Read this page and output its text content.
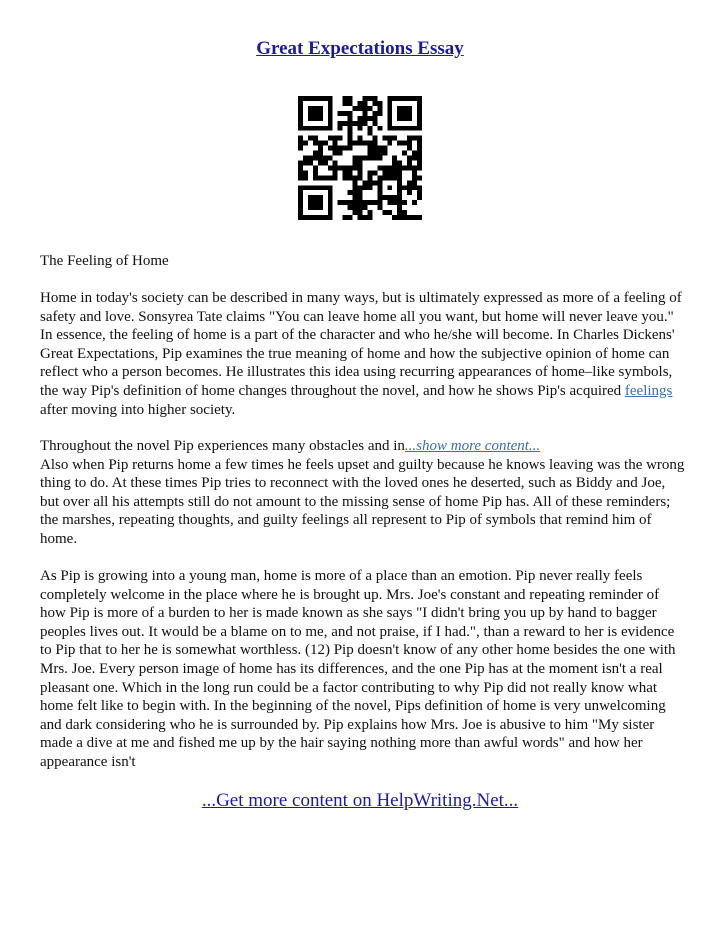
Great Expectations Essay
The Feeling of Home

Home in today's society can be described in many ways, but is ultimately expressed as more of a feeling of safety and love. Sonsyrea Tate claims "You can leave home all you want, but home will never leave you." In essence, the feeling of home is a part of the character and who he/she will become. In Charles Dickens' Great Expectations, Pip examines the true meaning of home and how the subjective opinion of home can reflect who a person becomes. He illustrates this idea using recurring appearances of home–like symbols, the way Pip's definition of home changes throughout the novel, and how he shows Pip's acquired feelings after moving into higher society.

Throughout the novel Pip experiences many obstacles and in...show more content...
Also when Pip returns home a few times he feels upset and guilty because he knows leaving was the wrong thing to do. At these times Pip tries to reconnect with the loved ones he deserted, such as Biddy and Joe, but over all his attempts still do not amount to the missing sense of home Pip has. All of these reminders; the marshes, repeating thoughts, and guilty feelings all represent to Pip of symbols that remind him of home.

As Pip is growing into a young man, home is more of a place than an emotion. Pip never really feels completely welcome in the place where he is brought up. Mrs. Joe's constant and repeating reminder of how Pip is more of a burden to her is made known as she says "I didn't bring you up by hand to bagger peoples lives out. It would be a blame on to me, and not praise, if I had.", than a reward to her is evidence to Pip that to her he is somewhat worthless. (12) Pip doesn't know of any other home besides the one with Mrs. Joe. Every person image of home has its differences, and the one Pip has at the moment isn't a real pleasant one. Which in the long run could be a factor contributing to why Pip did not really know what home felt like to begin with. In the beginning of the novel, Pips definition of home is very unwelcoming and dark considering who he is surrounded by. Pip explains how Mrs. Joe is abusive to him "My sister made a dive at me and fished me up by the hair saying nothing more than awful words" and how her appearance isn't

...Get more content on HelpWriting.Net...
